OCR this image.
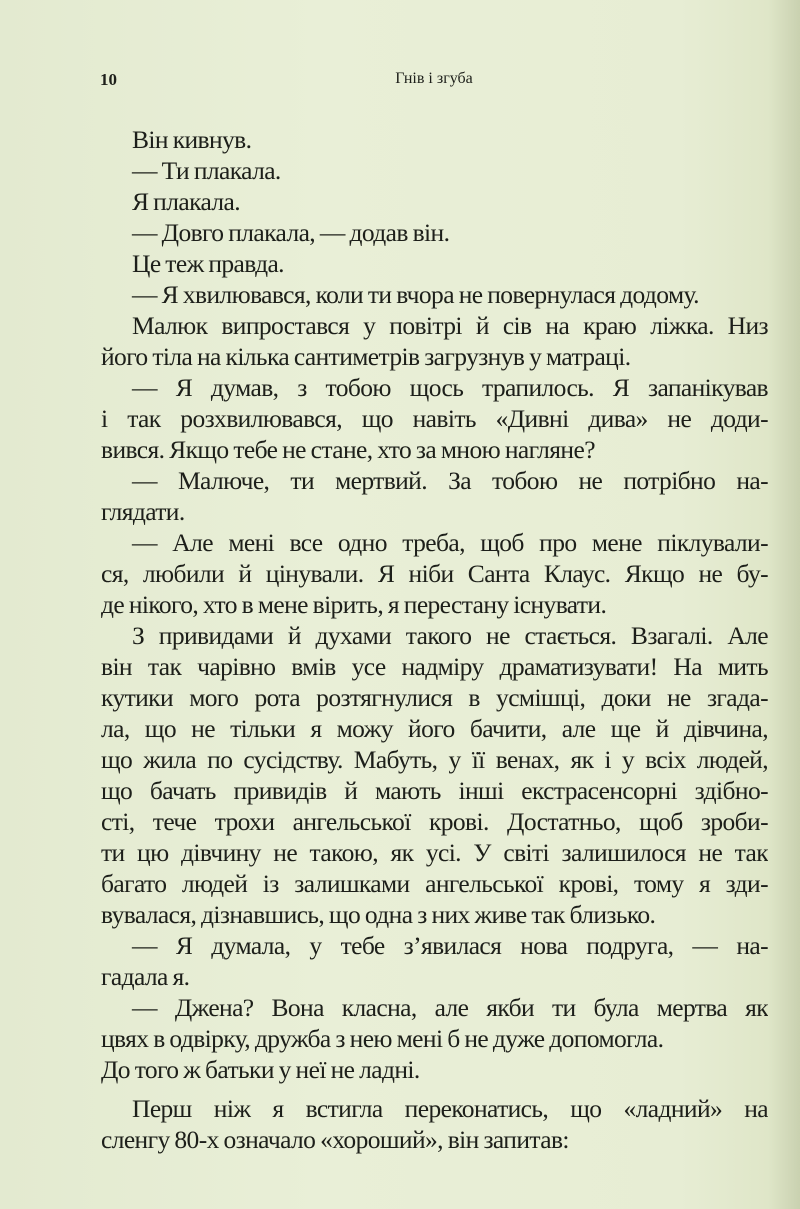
10	Гнів і згуба
Він кивнув.
— Ти плакала.
Я плакала.
— Довго плакала, — додав він.
Це теж правда.
— Я хвилювався, коли ти вчора не повернулася додому.
Малюк випростався у повітрі й сів на краю ліжка. Низ
його тіла на кілька сантиметрів загрузнув у матраці.
— Я думав, з тобою щось трапилось. Я запанікував
і так розхвилювався, що навіть «Дивні дива» не доди-
вився. Якщо тебе не стане, хто за мною нагляне?
— Малюче, ти мертвий. За тобою не потрібно на-
глядати.
— Але мені все одно треба, щоб про мене піклували-
ся, любили й цінували. Я ніби Санта Клаус. Якщо не бу-
де нікого, хто в мене вірить, я перестану існувати.
З привидами й духами такого не стається. Взагалі. Але
він так чарівно вмів усе надміру драматизувати! На мить
кутики мого рота розтягнулися в усмішці, доки не згада-
ла, що не тільки я можу його бачити, але ще й дівчина,
що жила по сусідству. Мабуть, у її венах, як і у всіх людей,
що бачать привидів й мають інші екстрасенсорні здібно-
сті, тече трохи ангельської крові. Достатньо, щоб зроби-
ти цю дівчину не такою, як усі. У світі залишилося не так
багато людей із залишками ангельської крові, тому я зди-
вувалася, дізнавшись, що одна з них живе так близько.
— Я думала, у тебе з’явилася нова подруга, — на-
гадала я.
— Джена? Вона класна, але якби ти була мертва як
цвях в одвірку, дружба з нею мені б не дуже допомогла.
До того ж батьки у неї не ладні.
Перш ніж я встигла переконатись, що «ладний» на
сленгу 80-х означало «хороший», він запитав:
